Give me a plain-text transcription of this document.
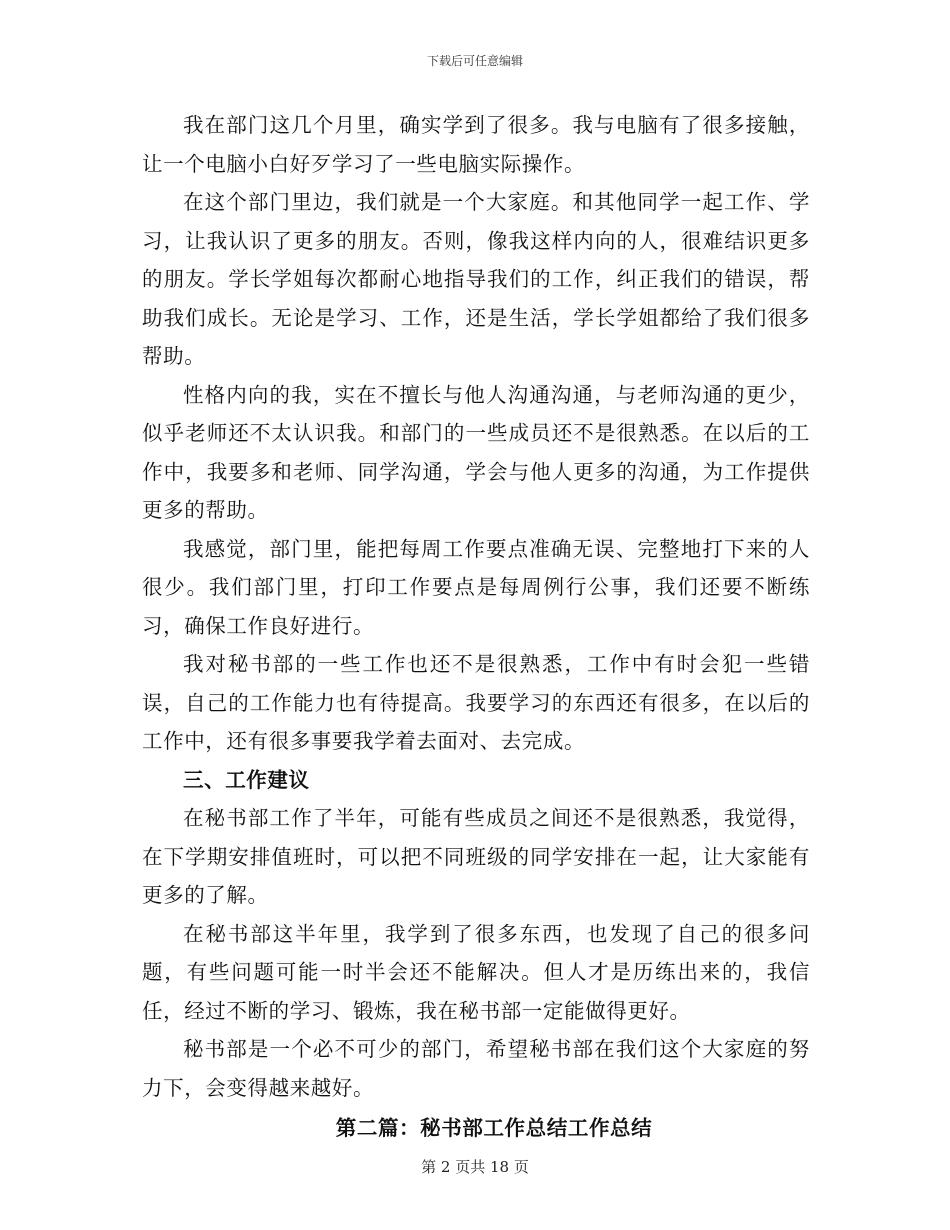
下载后可任意编辑

我在部门这几个月里，确实学到了很多。我与电脑有了很多接触，让一个电脑小白好歹学习了一些电脑实际操作。

在这个部门里边，我们就是一个大家庭。和其他同学一起工作、学习，让我认识了更多的朋友。否则，像我这样内向的人，很难结识更多的朋友。学长学姐每次都耐心地指导我们的工作，纠正我们的错误，帮助我们成长。无论是学习、工作，还是生活，学长学姐都给了我们很多帮助。

性格内向的我，实在不擅长与他人沟通沟通，与老师沟通的更少，似乎老师还不太认识我。和部门的一些成员还不是很熟悉。在以后的工作中，我要多和老师、同学沟通，学会与他人更多的沟通，为工作提供更多的帮助。

我感觉，部门里，能把每周工作要点准确无误、完整地打下来的人很少。我们部门里，打印工作要点是每周例行公事，我们还要不断练习，确保工作良好进行。

我对秘书部的一些工作也还不是很熟悉，工作中有时会犯一些错误，自己的工作能力也有待提高。我要学习的东西还有很多，在以后的工作中，还有很多事要我学着去面对、去完成。

三、工作建议

在秘书部工作了半年，可能有些成员之间还不是很熟悉，我觉得，在下学期安排值班时，可以把不同班级的同学安排在一起，让大家能有更多的了解。

在秘书部这半年里，我学到了很多东西，也发现了自己的很多问题，有些问题可能一时半会还不能解决。但人才是历练出来的，我信任，经过不断的学习、锻炼，我在秘书部一定能做得更好。

秘书部是一个必不可少的部门，希望秘书部在我们这个大家庭的努力下，会变得越来越好。

第二篇：秘书部工作总结工作总结

第 2 页共 18 页
